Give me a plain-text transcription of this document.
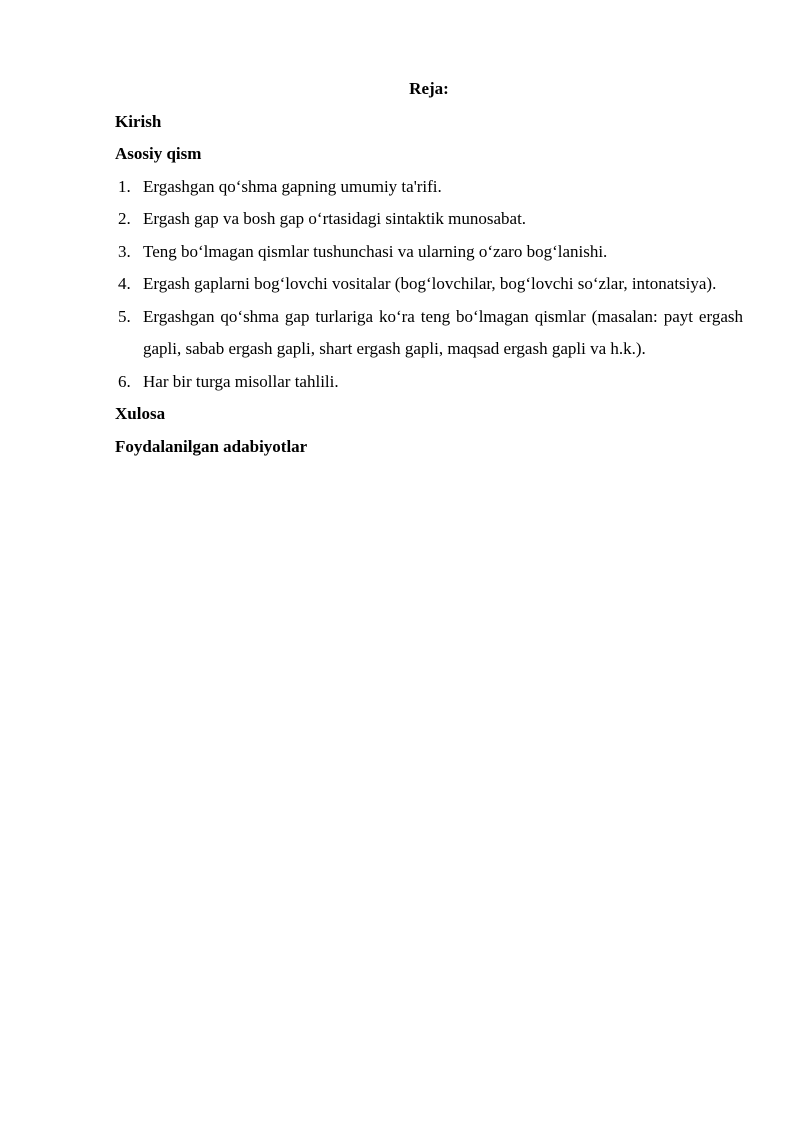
Reja:

Kirish

Asosiy qism

1. Ergashgan qo‘shma gapning umumiy ta'rifi.
2. Ergash gap va bosh gap o‘rtasidagi sintaktik munosabat.
3. Teng bo‘lmagan qismlar tushunchasi va ularning o‘zaro bog‘lanishi.
4. Ergash gaplarni bog‘lovchi vositalar (bog‘lovchilar, bog‘lovchi so‘zlar, intonatsiya).
5. Ergashgan qo‘shma gap turlariga ko‘ra teng bo‘lmagan qismlar (masalan: payt ergash gapli, sabab ergash gapli, shart ergash gapli, maqsad ergash gapli va h.k.).
6. Har bir turga misollar tahlili.

Xulosa

Foydalanilgan adabiyotlar
